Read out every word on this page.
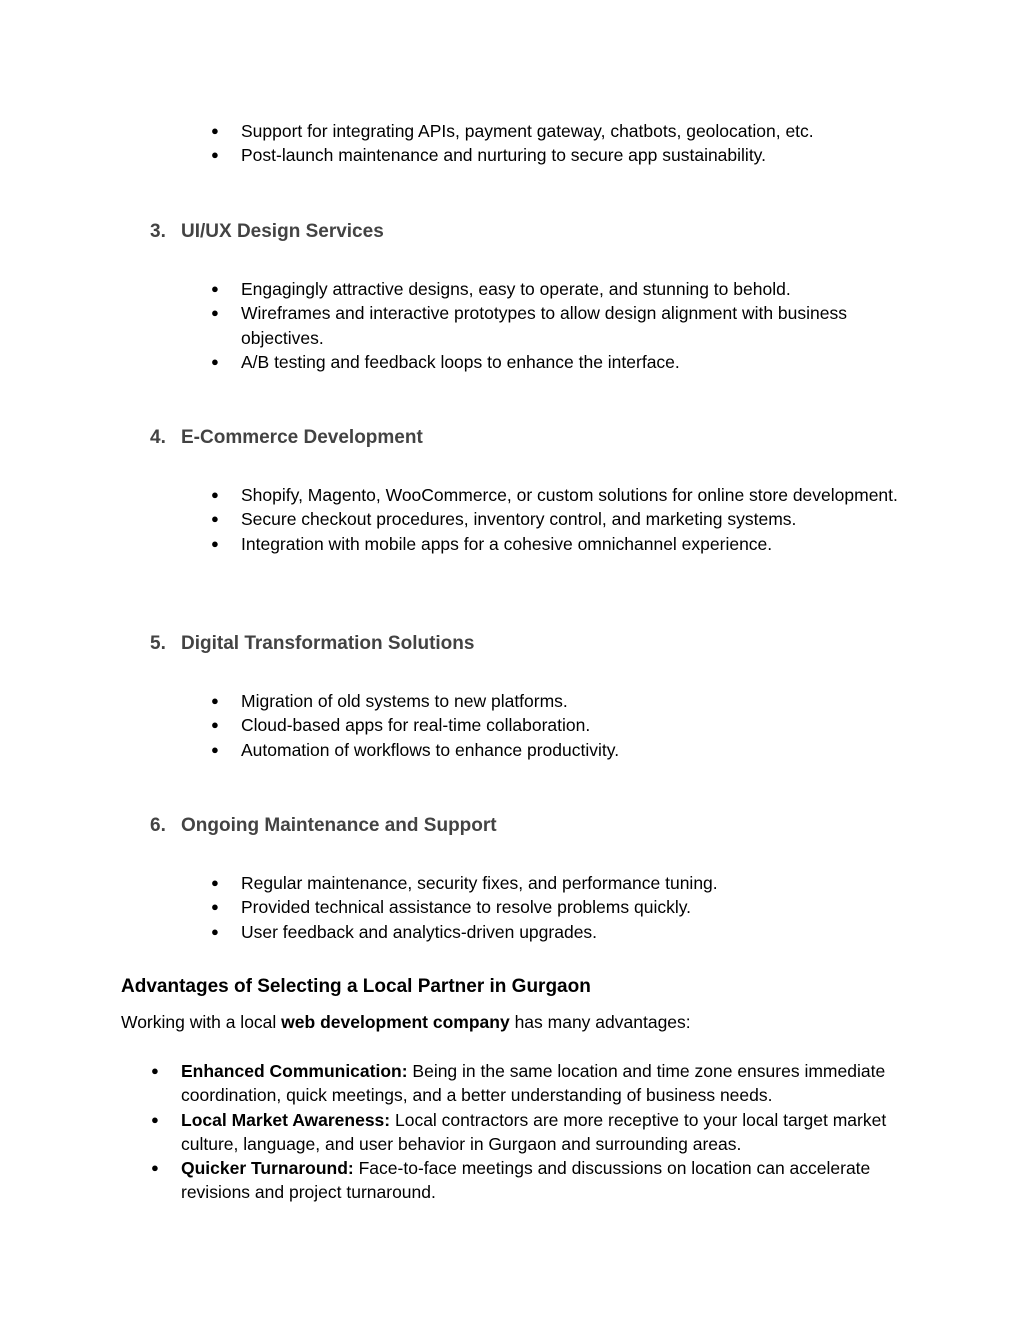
●	Support for integrating APIs, payment gateway, chatbots, geolocation, etc.
●	Post-launch maintenance and nurturing to secure app sustainability.
3. UI/UX Design Services
●	Engagingly attractive designs, easy to operate, and stunning to behold.
●	Wireframes and interactive prototypes to allow design alignment with business objectives.
●	A/B testing and feedback loops to enhance the interface.
4. E-Commerce Development
●	Shopify, Magento, WooCommerce, or custom solutions for online store development.
●	Secure checkout procedures, inventory control, and marketing systems.
●	Integration with mobile apps for a cohesive omnichannel experience.
5. Digital Transformation Solutions
●	Migration of old systems to new platforms.
●	Cloud-based apps for real-time collaboration.
●	Automation of workflows to enhance productivity.
6. Ongoing Maintenance and Support
●	Regular maintenance, security fixes, and performance tuning.
●	Provided technical assistance to resolve problems quickly.
●	User feedback and analytics-driven upgrades.
Advantages of Selecting a Local Partner in Gurgaon
Working with a local web development company has many advantages:
●	Enhanced Communication: Being in the same location and time zone ensures immediate coordination, quick meetings, and a better understanding of business needs.
●	Local Market Awareness: Local contractors are more receptive to your local target market culture, language, and user behavior in Gurgaon and surrounding areas.
●	Quicker Turnaround: Face-to-face meetings and discussions on location can accelerate revisions and project turnaround.
